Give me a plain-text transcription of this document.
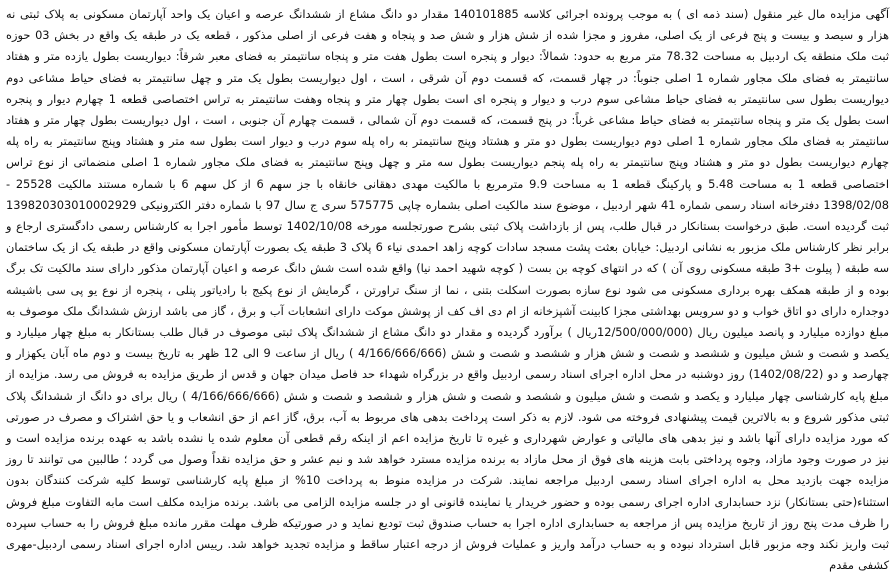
آگهی مزایده مال غیر منقول (سند ذمه ای ) به موجب پرونده اجرائی کلاسه 140101885 مقدار دو دانگ مشاع از ششدانگ عرصه و اعیان یک واحد آپارتمان مسکونی به پلاک ثبتی نه هزار و سیصد و بیست و پنج فرعی از یک اصلی، مفروز و مجزا شده از شش هزار و شش صد و پنجاه و هفت فرعی از اصلی مذکور ، قطعه یک در طبقه یک واقع در بخش 03 حوزه ثبت ملک منطقه یک اردبیل به مساحت 78.32 متر مربع به حدود: شمالاً: دیوار و پنجره است بطول هفت متر و پنجاه سانتیمتر به فضای معبر شرقاً: دیواریست بطول یازده متر و هفتاد سانتیمتر به فضای ملک مجاور شماره 1 اصلی جنوباً: در چهار قسمت، که قسمت دوم آن شرقی ، است ، اول دیواریست بطول یک متر و چهل سانتیمتر به فضای حیاط مشاعی دوم دیواریست بطول سی سانتیمتر به فضای حیاط مشاعی سوم درب و دیوار و پنجره ای است بطول چهار متر و پنجاه وهفت سانتیمتر به تراس اختصاصی قطعه 1 چهارم دیوار و پنجره است بطول یک متر و پنجاه سانتیمتر به فضای حیاط مشاعی غرباً: در پنج قسمت، که قسمت دوم آن شمالی ، قسمت چهارم آن جنوبی ، است ، اول دیواریست بطول چهار متر و هفتاد سانتیمتر به فضای ملک مجاور شماره 1 اصلی دوم دیواریست بطول دو متر و هشتاد وپنج سانتیمتر به راه پله سوم درب و دیوار است بطول سه متر و هشتاد وپنج سانتیمتر به راه پله چهارم دیواریست بطول دو متر و هشتاد وپنج سانتیمتر به راه پله پنجم دیواریست بطول سه متر و چهل وپنج سانتیمتر به فضای ملک مجاور شماره 1 اصلی منضماتی از نوع تراس اختصاصی قطعه 1 به مساحت 5.48 و پارکینگ قطعه 1 به مساحت 9.9 مترمربع با مالکیت مهدی دهقانی خانقاه با جز سهم 6 از کل سهم 6 با شماره مستند مالکیت 25528 - 1398/02/08 دفترخانه اسناد رسمی شماره 41 شهر اردبیل ، موضوع سند مالکیت اصلی بشماره چاپی 575775 سری ج سال 97 با شماره دفتر الکترونیکی 139820303010002929 ثبت گردیده است. طبق درخواست بستانکار در قبال طلب، پس از بازداشت پلاک ثبتی بشرح صورتجلسه مورخه 1402/10/08 توسط مأمور اجرا به کارشناس رسمی دادگستری ارجاع و برابر نظر کارشناس ملک مزبور به نشانی اردبیل: خیابان بعثت پشت مسجد سادات کوچه زاهد احمدی نیاء 6 پلاک 3 طبقه یک بصورت آپارتمان مسکونی واقع در طبقه یک از یک ساختمان سه طبقه ( پیلوت +3 طبقه مسکونی روی آن ) که در انتهای کوچه بن بست ( کوچه شهید احمد نیا) واقع شده است شش دانگ عرصه و اعیان آپارتمان مذکور دارای سند مالکیت تک برگ بوده و از طبقه همکف بهره برداری مسکونی می شود نوع سازه بصورت اسکلت بتنی ، نما از سنگ تراورتن ، گرمایش از نوع پکیج با رادیاتور پنلی ، پنجره از نوع یو پی سی باشیشه دوجداره دارای دو اتاق خواب و دو سرویس بهداشتی مجزا کابینت آشپزخانه از ام دی اف کف از پوشش موکت دارای انشعابات آب و برق ، گاز می باشد ارزش ششدانگ ملک موصوف به مبلغ دوازده میلیارد و پانصد میلیون ریال (12/500/000/000ریال ) برآورد گردیده و مقدار دو دانگ مشاع از ششدانگ پلاک ثبتی موصوف در قبال طلب بستانکار به مبلغ چهار میلیارد و یکصد و شصت و شش میلیون و ششصد و شصت و شش هزار و ششصد و شصت و شش (4/166/666/666 ) ریال از ساعت 9 الی 12 ظهر به تاریخ بیست و دوم ماه آبان یکهزار و چهارصد و دو (1402/08/22) روز دوشنبه در محل اداره اجرای اسناد رسمی اردبیل واقع در بزرگراه شهداء حد فاصل میدان جهان و قدس از طریق مزایده به فروش می رسد. مزایده از مبلغ پایه کارشناسی چهار میلیارد و یکصد و شصت و شش میلیون و ششصد و شصت و شش هزار و ششصد و شصت و شش (4/166/666/666 ) ریال برای دو دانگ از ششدانگ پلاک ثبتی مذکور شروع و به بالاترین قیمت پیشنهادی فروخته می شود. لازم به ذکر است پرداخت بدهی های مربوط به آب، برق، گاز اعم از حق انشعاب و یا حق اشتراک و مصرف در صورتی که مورد مزایده دارای آنها باشد و نیز بدهی های مالیاتی و عوارض شهرداری و غیره تا تاریخ مزایده اعم از اینکه رقم قطعی آن معلوم شده یا نشده باشد به عهده برنده مزایده است و نیز در صورت وجود مازاد، وجوه پرداختی بابت هزینه های فوق از محل مازاد به برنده مزایده مسترد خواهد شد و نیم عشر و حق مزایده نقداً وصول می گردد ؛ طالبین می توانند تا روز مزایده جهت بازدید محل به اداره اجرای اسناد رسمی اردبیل مراجعه نمایند. شرکت در مزایده منوط به پرداخت 10% از مبلغ پایه کارشناسی توسط کلیه شرکت کنندگان بدون استثناء(حتی بستانکار) نزد حسابداری اداره اجرای رسمی بوده و حضور خریدار یا نماینده قانونی او در جلسه مزایده الزامی می باشد. برنده مزایده مکلف است مابه التفاوت مبلغ فروش را ظرف مدت پنج روز از تاریخ مزایده پس از مراجعه به حسابداری اداره اجرا به حساب صندوق ثبت تودیع نماید و در صورتیکه ظرف مهلت مقرر مانده مبلغ فروش را به حساب سپرده ثبت واریز نکند وجه مزبور قابل استرداد نبوده و به حساب درآمد واریز و عملیات فروش از درجه اعتبار ساقط و مزایده تجدید خواهد شد. رییس اداره اجرای اسناد رسمی اردبیل-مهری کشفی مقدم
